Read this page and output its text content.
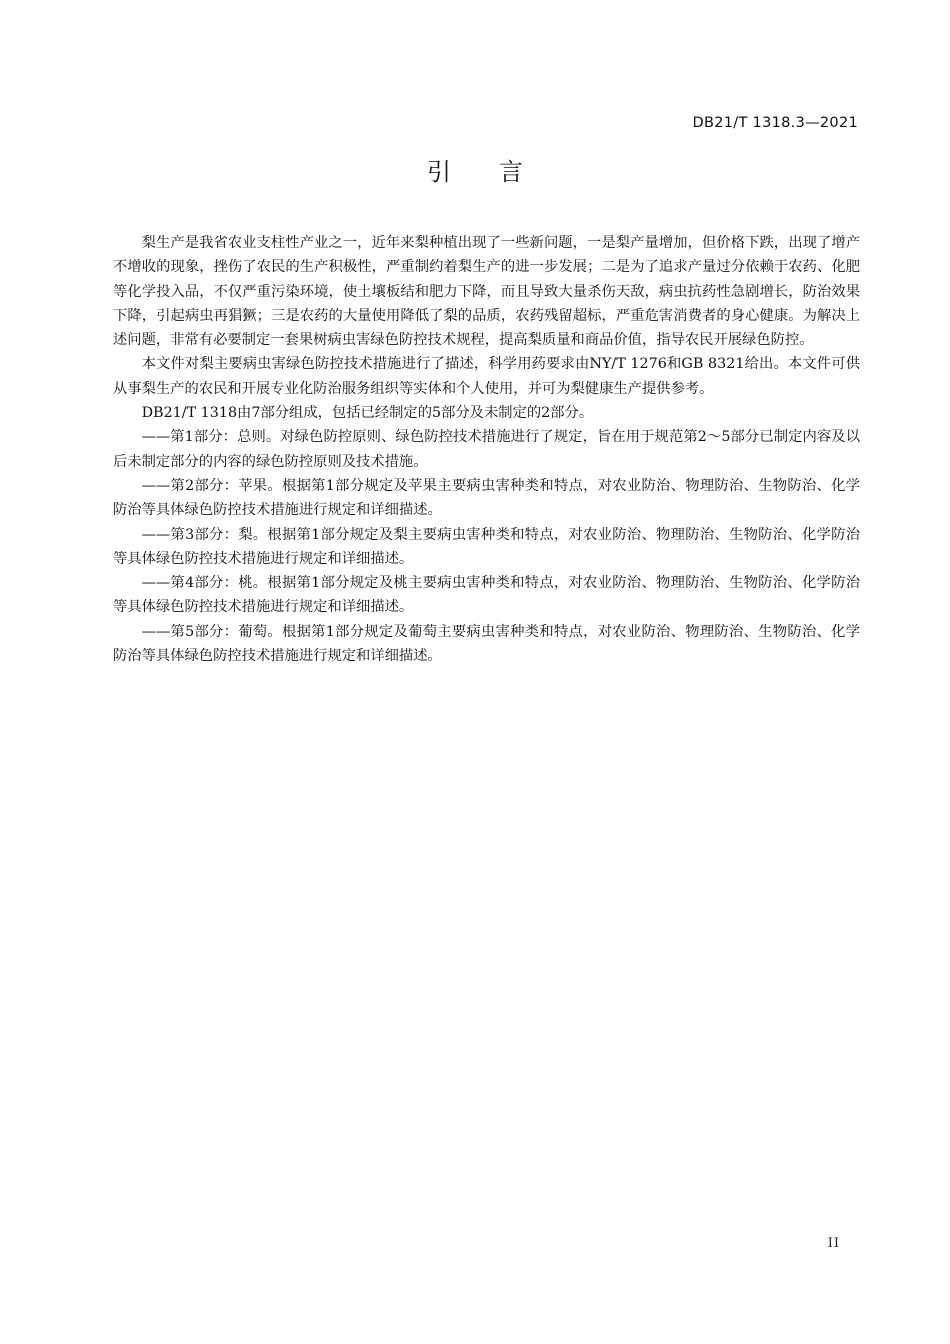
DB21/T 1318.3—2021
引言

梨生产是我省农业支柱性产业之一，近年来梨种植出现了一些新问题，一是梨产量增加，但价格下跌，出现了增产不增收的现象，挫伤了农民的生产积极性，严重制约着梨生产的进一步发展；二是为了追求产量过分依赖于农药、化肥等化学投入品，不仅严重污染环境，使土壤板结和肥力下降，而且导致大量杀伤天敌，病虫抗药性急剧增长，防治效果下降，引起病虫再猖獗；三是农药的大量使用降低了梨的品质，农药残留超标，严重危害消费者的身心健康。为解决上述问题，非常有必要制定一套果树病虫害绿色防控技术规程，提高梨质量和商品价值，指导农民开展绿色防控。

本文件对梨主要病虫害绿色防控技术措施进行了描述，科学用药要求由NY/T 1276和GB 8321给出。本文件可供从事梨生产的农民和开展专业化防治服务组织等实体和个人使用，并可为梨健康生产提供参考。

DB21/T 1318由7部分组成，包括已经制定的5部分及未制定的2部分。

——第1部分：总则。对绿色防控原则、绿色防控技术措施进行了规定，旨在用于规范第2～5部分已制定内容及以后未制定部分的内容的绿色防控原则及技术措施。

——第2部分：苹果。根据第1部分规定及苹果主要病虫害种类和特点，对农业防治、物理防治、生物防治、化学防治等具体绿色防控技术措施进行规定和详细描述。

——第3部分：梨。根据第1部分规定及梨主要病虫害种类和特点，对农业防治、物理防治、生物防治、化学防治等具体绿色防控技术措施进行规定和详细描述。

——第4部分：桃。根据第1部分规定及桃主要病虫害种类和特点，对农业防治、物理防治、生物防治、化学防治等具体绿色防控技术措施进行规定和详细描述。

——第5部分：葡萄。根据第1部分规定及葡萄主要病虫害种类和特点，对农业防治、物理防治、生物防治、化学防治等具体绿色防控技术措施进行规定和详细描述。

II
